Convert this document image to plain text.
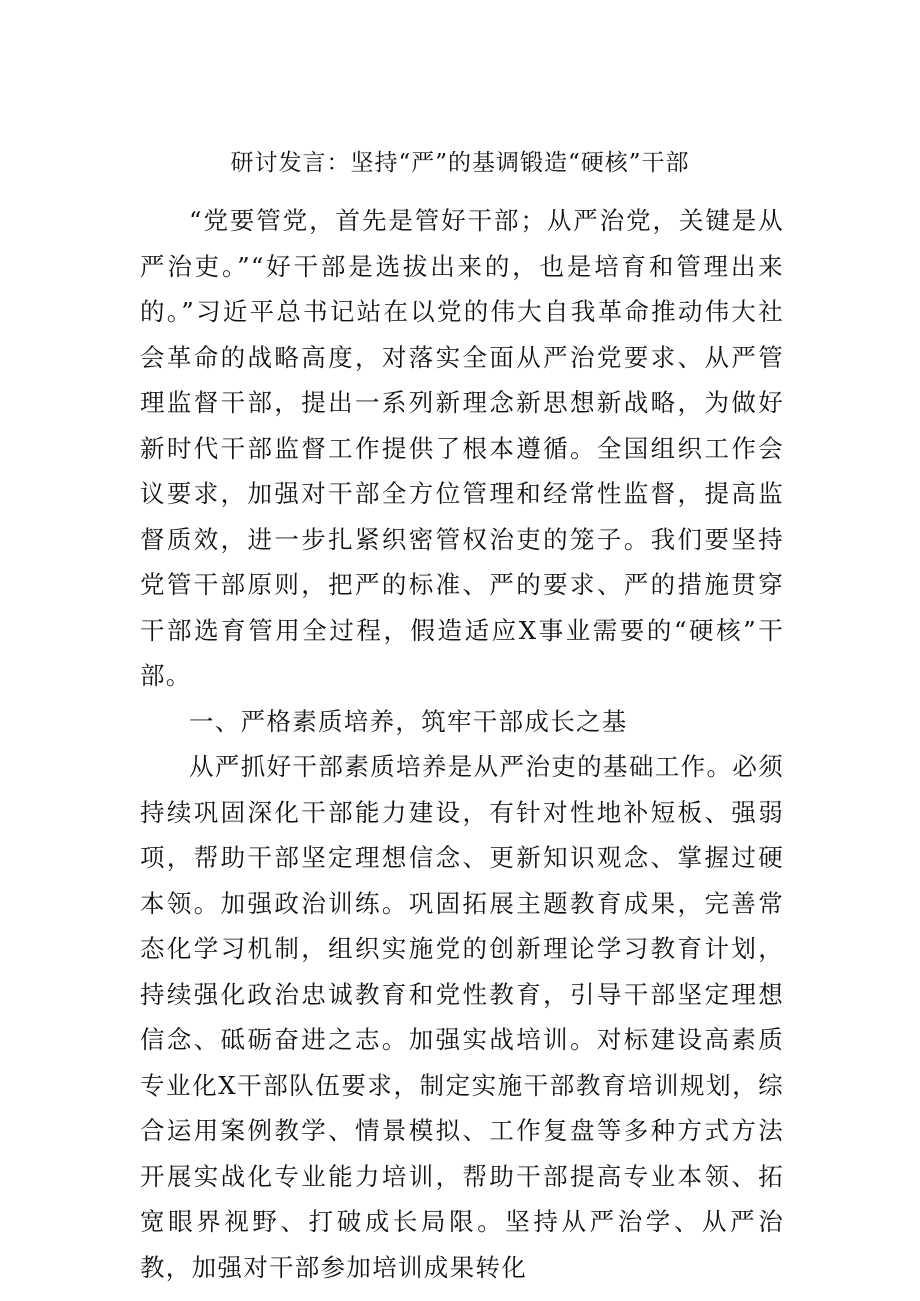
研讨发言：坚持“严”的基调锻造“硬核”干部

“党要管党，首先是管好干部；从严治党，关键是从严治吏。”“好干部是选拔出来的，也是培育和管理出来的。”习近平总书记站在以党的伟大自我革命推动伟大社会革命的战略高度，对落实全面从严治党要求、从严管理监督干部，提出一系列新理念新思想新战略，为做好新时代干部监督工作提供了根本遵循。全国组织工作会议要求，加强对干部全方位管理和经常性监督，提高监督质效，进一步扎紧织密管权治吏的笼子。我们要坚持党管干部原则，把严的标准、严的要求、严的措施贯穿干部选育管用全过程，假造适应X事业需要的“硬核”干部。

一、严格素质培养，筑牢干部成长之基

从严抓好干部素质培养是从严治吏的基础工作。必须持续巩固深化干部能力建设，有针对性地补短板、强弱项，帮助干部坚定理想信念、更新知识观念、掌握过硬本领。加强政治训练。巩固拓展主题教育成果，完善常态化学习机制，组织实施党的创新理论学习教育计划，持续强化政治忠诚教育和党性教育，引导干部坚定理想信念、砥砺奋进之志。加强实战培训。对标建设高素质专业化X干部队伍要求，制定实施干部教育培训规划，综合运用案例教学、情景模拟、工作复盘等多种方式方法开展实战化专业能力培训，帮助干部提高专业本领、拓宽眼界视野、打破成长局限。坚持从严治学、从严治教，加强对干部参加培训成果转化
